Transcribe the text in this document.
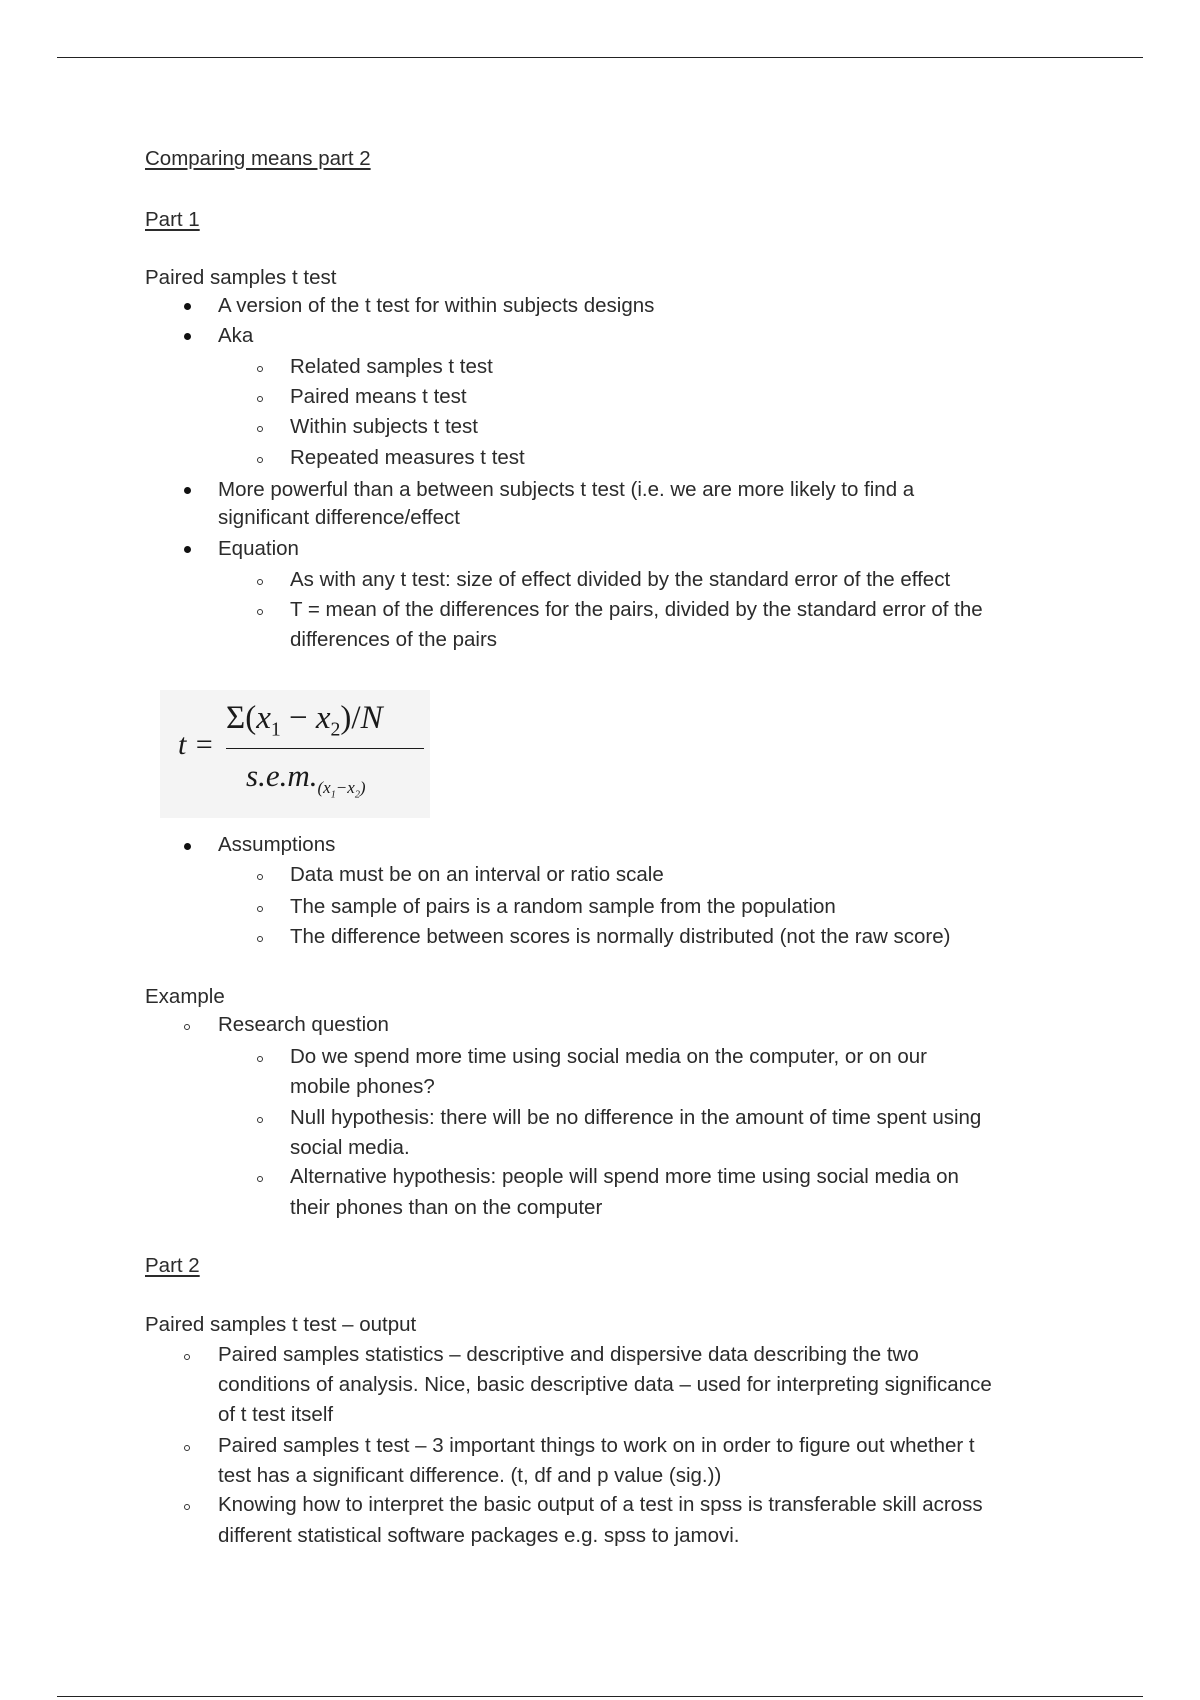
Comparing means part 2
Part 1
Paired samples t test
A version of the t test for within subjects designs
Aka
Related samples t test
Paired means t test
Within subjects t test
Repeated measures t test
More powerful than a between subjects t test (i.e. we are more likely to find a
significant difference/effect
Equation
As with any t test: size of effect divided by the standard error of the effect
T = mean of the differences for the pairs, divided by the standard error of the
differences of the pairs
t =
$\Sigma(x_1 - x_2)/N$
$s.e.m._{(x_1-x_2)}$
Assumptions
Data must be on an interval or ratio scale
The sample of pairs is a random sample from the population
The difference between scores is normally distributed (not the raw score)
Example
Research question
Do we spend more time using social media on the computer, or on our
mobile phones?
Null hypothesis: there will be no difference in the amount of time spent using
social media.
Alternative hypothesis: people will spend more time using social media on
their phones than on the computer
Part 2
Paired samples t test – output
Paired samples statistics – descriptive and dispersive data describing the two
conditions of analysis. Nice, basic descriptive data – used for interpreting significance
of t test itself
Paired samples t test – 3 important things to work on in order to figure out whether t
test has a significant difference. (t, df and p value (sig.))
Knowing how to interpret the basic output of a test in spss is transferable skill across
different statistical software packages e.g. spss to jamovi.
